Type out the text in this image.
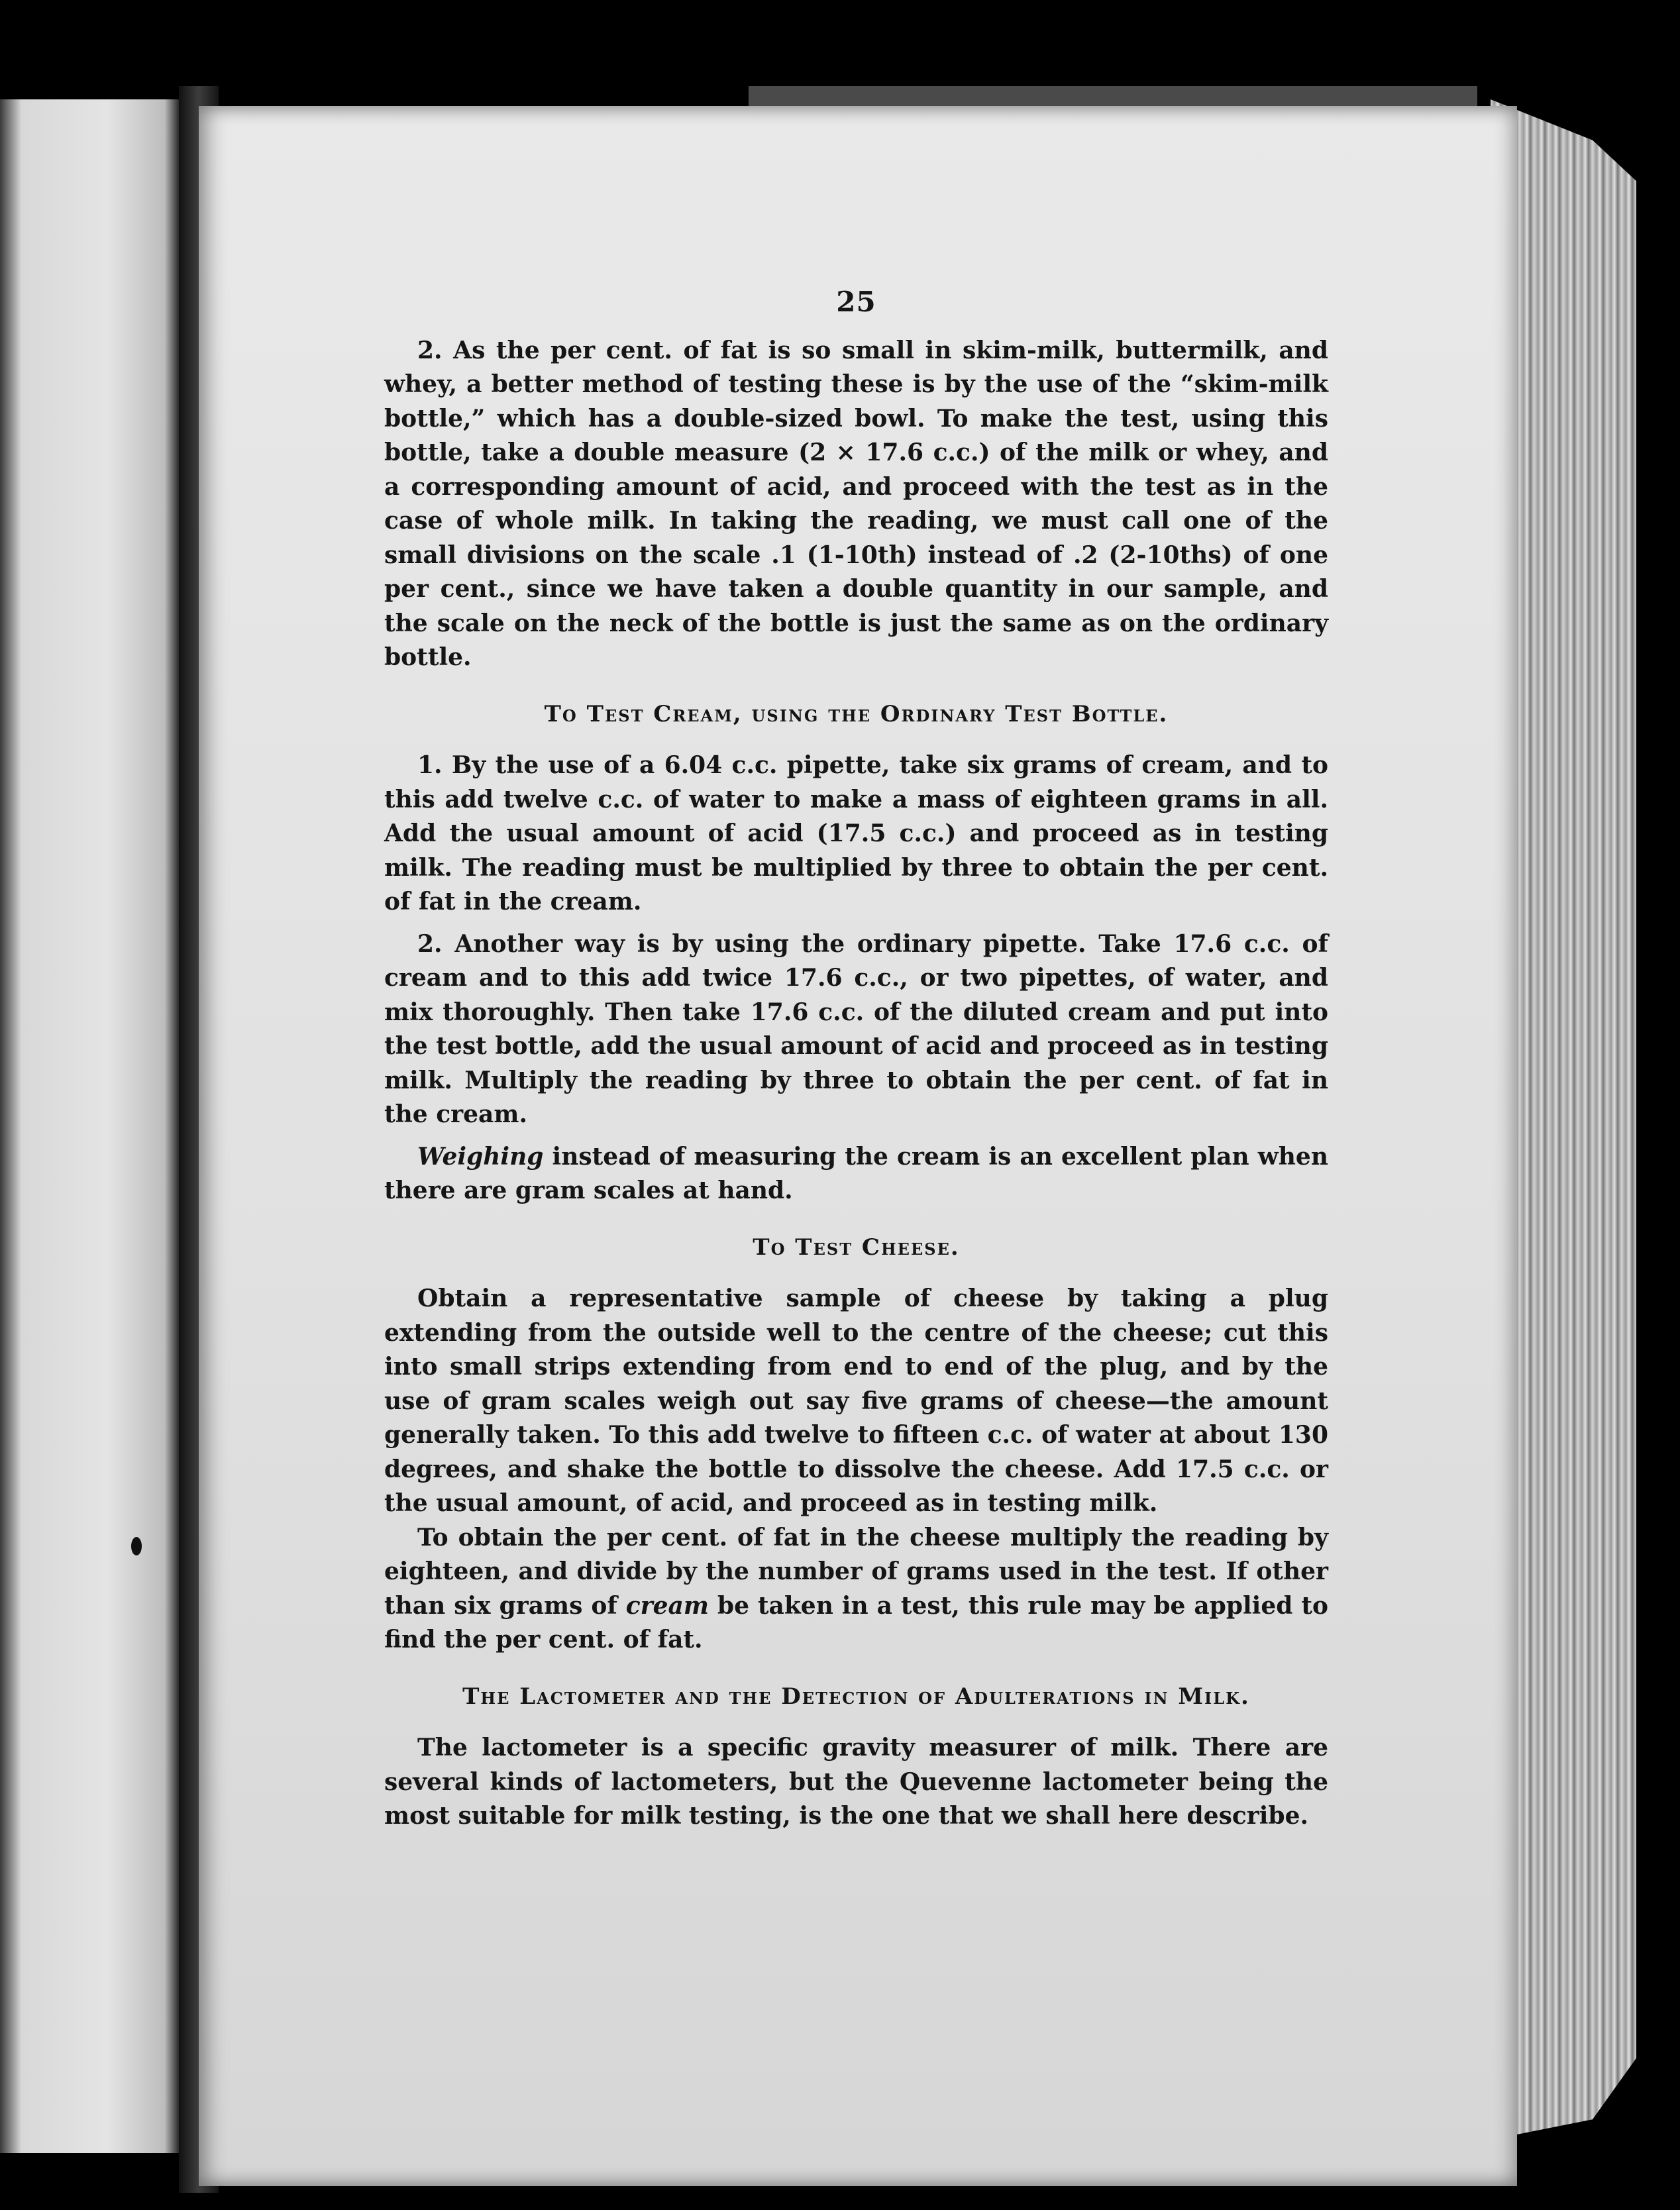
25

2. As the per cent. of fat is so small in skim-milk, buttermilk, and whey, a better method of testing these is by the use of the “skim-milk bottle,” which has a double-sized bowl. To make the test, using this bottle, take a double measure (2 × 17.6 c.c.) of the milk or whey, and a corresponding amount of acid, and proceed with the test as in the case of whole milk. In taking the reading, we must call one of the small divisions on the scale .1 (1-10th) instead of .2 (2-10ths) of one per cent., since we have taken a double quantity in our sample, and the scale on the neck of the bottle is just the same as on the ordinary bottle.

To Test Cream, using the Ordinary Test Bottle.

1. By the use of a 6.04 c.c. pipette, take six grams of cream, and to this add twelve c.c. of water to make a mass of eighteen grams in all. Add the usual amount of acid (17.5 c.c.) and proceed as in testing milk. The reading must be multiplied by three to obtain the per cent. of fat in the cream.

2. Another way is by using the ordinary pipette. Take 17.6 c.c. of cream and to this add twice 17.6 c.c., or two pipettes, of water, and mix thoroughly. Then take 17.6 c.c. of the diluted cream and put into the test bottle, add the usual amount of acid and proceed as in testing milk. Multiply the reading by three to obtain the per cent. of fat in the cream.

Weighing instead of measuring the cream is an excellent plan when there are gram scales at hand.

To Test Cheese.

Obtain a representative sample of cheese by taking a plug extending from the outside well to the centre of the cheese; cut this into small strips extending from end to end of the plug, and by the use of gram scales weigh out say five grams of cheese—the amount generally taken. To this add twelve to fifteen c.c. of water at about 130 degrees, and shake the bottle to dissolve the cheese. Add 17.5 c.c. or the usual amount, of acid, and proceed as in testing milk.

To obtain the per cent. of fat in the cheese multiply the reading by eighteen, and divide by the number of grams used in the test. If other than six grams of cream be taken in a test, this rule may be applied to find the per cent. of fat.

The Lactometer and the Detection of Adulterations in Milk.

The lactometer is a specific gravity measurer of milk. There are several kinds of lactometers, but the Quevenne lactometer being the most suitable for milk testing, is the one that we shall here describe.
